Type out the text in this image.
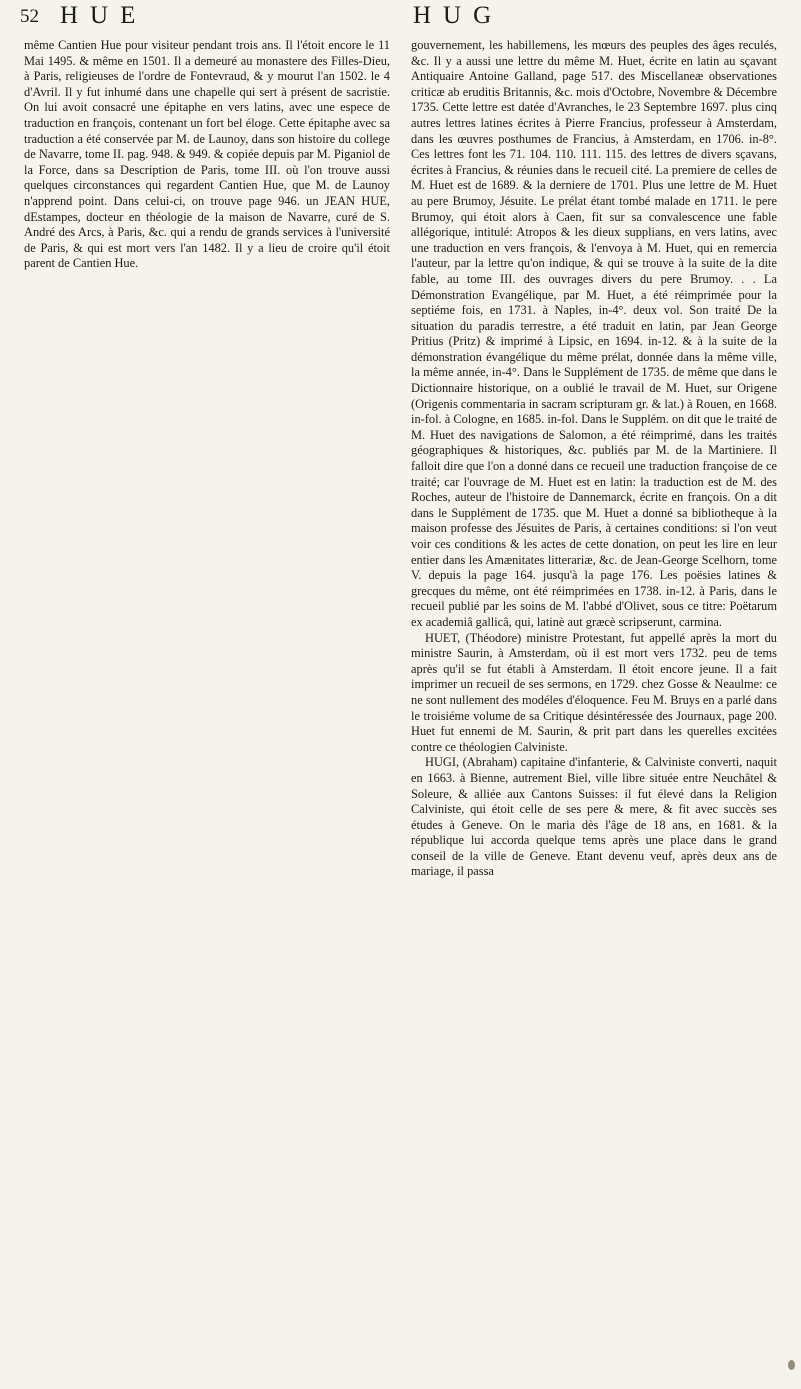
52 HUE	HUG

même Cantien Hue pour visiteur pendant trois ans. Il l'étoit encore le 11 Mai 1495. & même en 1501. Il a demeuré au monastere des Filles-Dieu, à Paris, religieuses de l'ordre de Fontevraud, & y mourut l'an 1502. le 4 d'Avril. Il y fut inhumé dans une chapelle qui sert à présent de sacristie. On lui avoit consacré une épitaphe en vers latins, avec une espece de traduction en françois, contenant un fort bel éloge. Cette épitaphe avec sa traduction a été conservée par M. de Launoy, dans son histoire du college de Navarre, tome II. pag. 948. & 949. & copiée depuis par M. Piganiol de la Force, dans sa Description de Paris, tome III. où l'on trouve aussi quelques circonstances qui regardent Cantien Hue, que M. de Launoy n'apprend point. Dans celui-ci, on trouve page 946. un JEAN HUE, dEstampes, docteur en théologie de la maison de Navarre, curé de S. André des Arcs, à Paris, &c. qui a rendu de grands services à l'université de Paris, & qui est mort vers l'an 1482. Il y a lieu de croire qu'il étoit parent de Cantien Hue.

gouvernement, les habillemens, les mœurs des peuples des âges reculés, &c. Il y a aussi une lettre du même M. Huet, écrite en latin au sçavant Antiquaire Antoine Galland, page 517. des Miscellaneæ observationes criticæ ab eruditis Britannis, &c. mois d'Octobre, Novembre & Décembre 1735. Cette lettre est datée d'Avranches, le 23 Septembre 1697. plus cinq autres lettres latines écrites à Pierre Francius, professeur à Amsterdam, dans les œuvres posthumes de Francius, à Amsterdam, en 1706. in-8°. Ces lettres font les 71. 104. 110. 111. 115. des lettres de divers sçavans, écrites à Francius, & réunies dans le recueil cité. La premiere de celles de M. Huet est de 1689. & la derniere de 1701. Plus une lettre de M. Huet au pere Brumoy, Jésuite. Le prélat étant tombé malade en 1711. le pere Brumoy, qui étoit alors à Caen, fit sur sa convalescence une fable allégorique, intitulé: Atropos & les dieux supplians, en vers latins, avec une traduction en vers françois, & l'envoya à M. Huet, qui en remercia l'auteur, par la lettre qu'on indique, & qui se trouve à la suite de la dite fable, au tome III. des ouvrages divers du pere Brumoy. . . La Démonstration Evangélique, par M. Huet, a été réimprimée pour la septiéme fois, en 1731. à Naples, in-4°. deux vol. Son traité De la situation du paradis terrestre, a été traduit en latin, par Jean George Pritius (Pritz) & imprimé à Lipsic, en 1694. in-12. & à la suite de la démonstration évangélique du même prélat, donnée dans la même ville, la même année, in-4°. Dans le Supplément de 1735. de même que dans le Dictionnaire historique, on a oublié le travail de M. Huet, sur Origene (Origenis commentaria in sacram scripturam gr. & lat.) à Rouen, en 1668. in-fol. à Cologne, en 1685. in-fol. Dans le Supplém. on dit que le traité de M. Huet des navigations de Salomon, a été réimprimé, dans les traités géographiques & historiques, &c. publiés par M. de la Martiniere. Il falloit dire que l'on a donné dans ce recueil une traduction françoise de ce traité; car l'ouvrage de M. Huet est en latin: la traduction est de M. des Roches, auteur de l'histoire de Dannemarck, écrite en françois. On a dit dans le Supplément de 1735. que M. Huet a donné sa bibliotheque à la maison professe des Jésuites de Paris, à certaines conditions: si l'on veut voir ces conditions & les actes de cette donation, on peut les lire en leur entier dans les Amænitates litterariæ, &c. de Jean-George Scelhorn, tome V. depuis la page 164. jusqu'à la page 176. Les poësies latines & grecques du même, ont été réimprimées en 1738. in-12. à Paris, dans le recueil publié par les soins de M. l'abbé d'Olivet, sous ce titre: Poëtarum ex academiâ gallicâ, qui, latinè aut græcè scripserunt, carmina.

HUET, (Théodore) ministre Protestant, fut appellé après la mort du ministre Saurin, à Amsterdam, où il est mort vers 1732. peu de tems après qu'il se fut établi à Amsterdam. Il étoit encore jeune. Il a fait imprimer un recueil de ses sermons, en 1729. chez Gosse & Neaulme: ce ne sont nullement des modéles d'éloquence. Feu M. Bruys en a parlé dans le troisiéme volume de sa Critique désintéressée des Journaux, page 200. Huet fut ennemi de M. Saurin, & prit part dans les querelles excitées contre ce théologien Calviniste.

HUGI, (Abraham) capitaine d'infanterie, & Calviniste converti, naquit en 1663. à Bienne, autrement Biel, ville libre située entre Neuchâtel & Soleure, & alliée aux Cantons Suisses: il fut élevé dans la Religion Calviniste, qui étoit celle de ses pere & mere, & fit avec succès ses études à Geneve. On le maria dès l'âge de 18 ans, en 1681. & la république lui accorda quelque tems après une place dans le grand conseil de la ville de Geneve. Etant devenu veuf, après deux ans de mariage, il passa
